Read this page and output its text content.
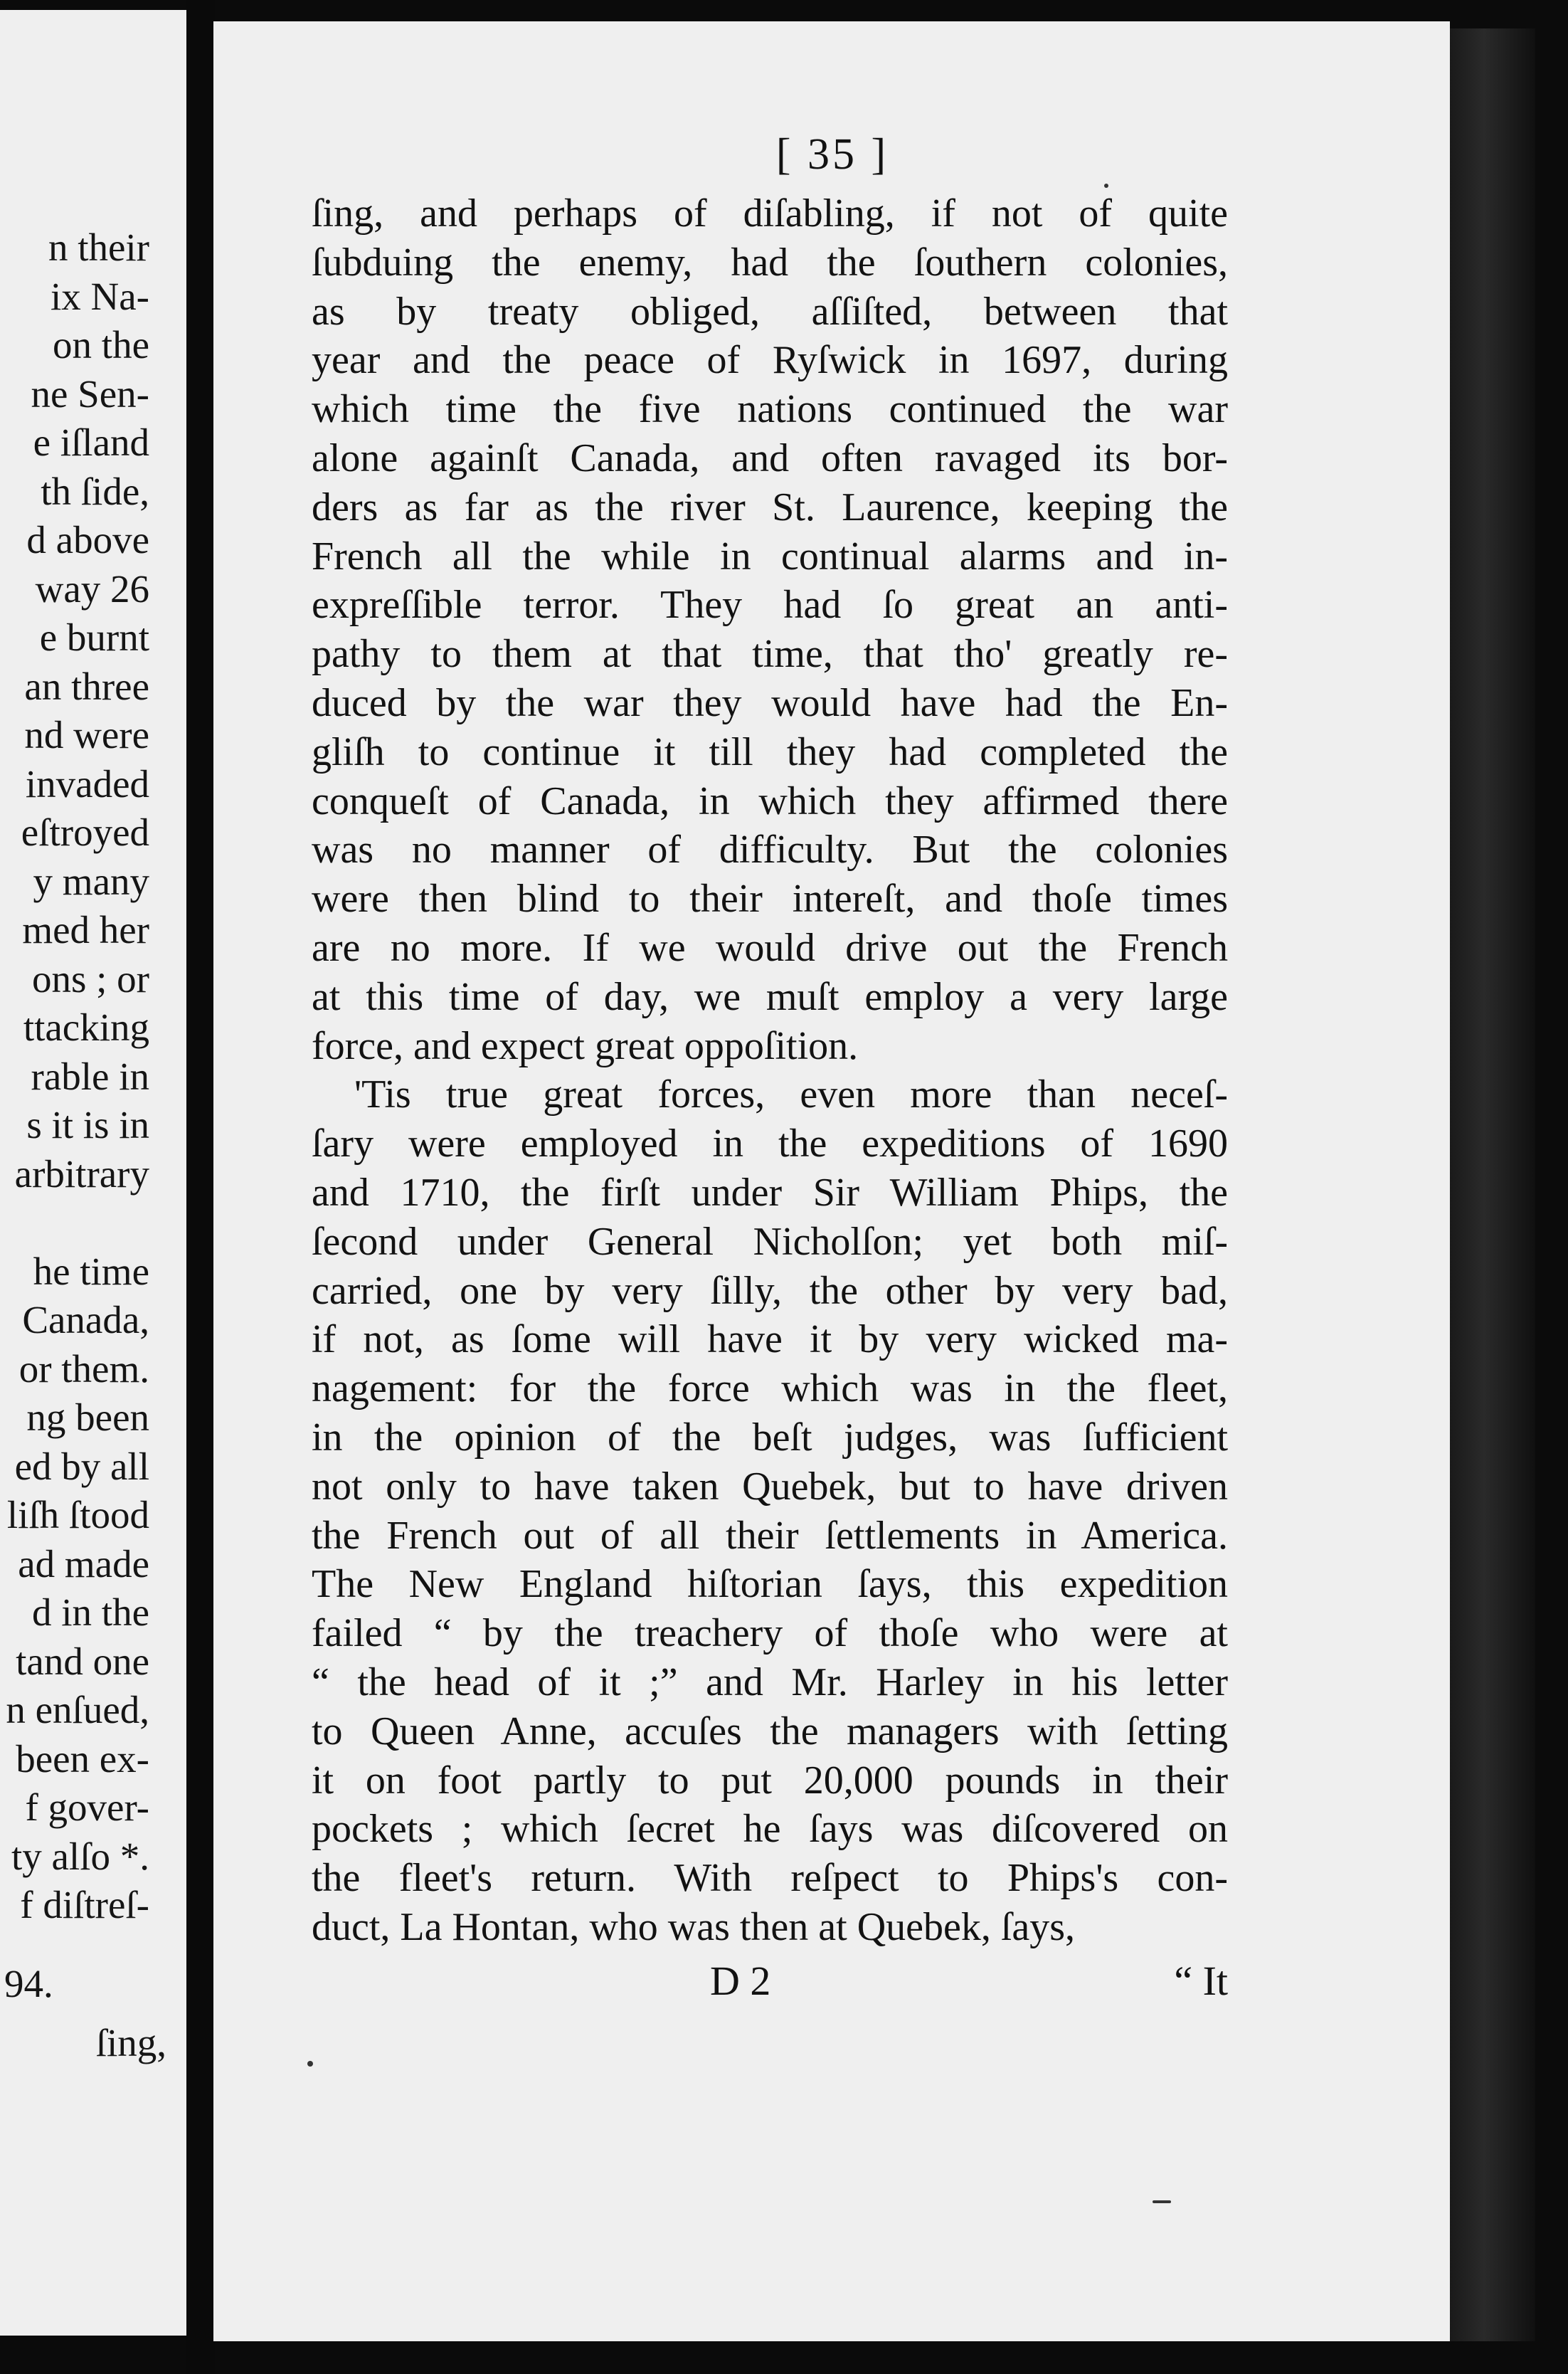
n their
ix Na-
on the
ne Sen-
e iſland
th ſide,
d above
way 26
e burnt
an three
nd were
invaded
eſtroyed
y many
med her
ons ; or
ttacking
rable in
s it is in
arbitrary
he time
Canada,
or them.
ng been
ed by all
liſh ſtood
ad made
d in the
tand one
n enſued,
been ex-
f gover-
ty alſo *.
f diſtreſ-
94.
ſing,
[ 35 ]
ſing, and perhaps of diſabling, if not of quite
ſubduing the enemy, had the ſouthern colonies,
as by treaty obliged, aſſiſted, between that
year and the peace of Ryſwick in 1697, during
which time the five nations continued the war
alone againſt Canada, and often ravaged its bor-
ders as far as the river St. Laurence, keeping the
French all the while in continual alarms and in-
expreſſible terror. They had ſo great an anti-
pathy to them at that time, that tho' greatly re-
duced by the war they would have had the En-
gliſh to continue it till they had completed the
conqueſt of Canada, in which they affirmed there
was no manner of difficulty. But the colonies
were then blind to their intereſt, and thoſe times
are no more. If we would drive out the French
at this time of day, we muſt employ a very large
force, and expect great oppoſition.
'Tis true great forces, even more than neceſ-
ſary were employed in the expeditions of 1690
and 1710, the firſt under Sir William Phips, the
ſecond under General Nicholſon; yet both miſ-
carried, one by very ſilly, the other by very bad,
if not, as ſome will have it by very wicked ma-
nagement: for the force which was in the fleet,
in the opinion of the beſt judges, was ſufficient
not only to have taken Quebek, but to have driven
the French out of all their ſettlements in America.
The New England hiſtorian ſays, this expedition
failed “ by the treachery of thoſe who were at
“ the head of it ;” and Mr. Harley in his letter
to Queen Anne, accuſes the managers with ſetting
it on foot partly to put 20,000 pounds in their
pockets ; which ſecret he ſays was diſcovered on
the fleet's return. With reſpect to Phips's con-
duct, La Hontan, who was then at Quebek, ſays,
D 2	“ It
